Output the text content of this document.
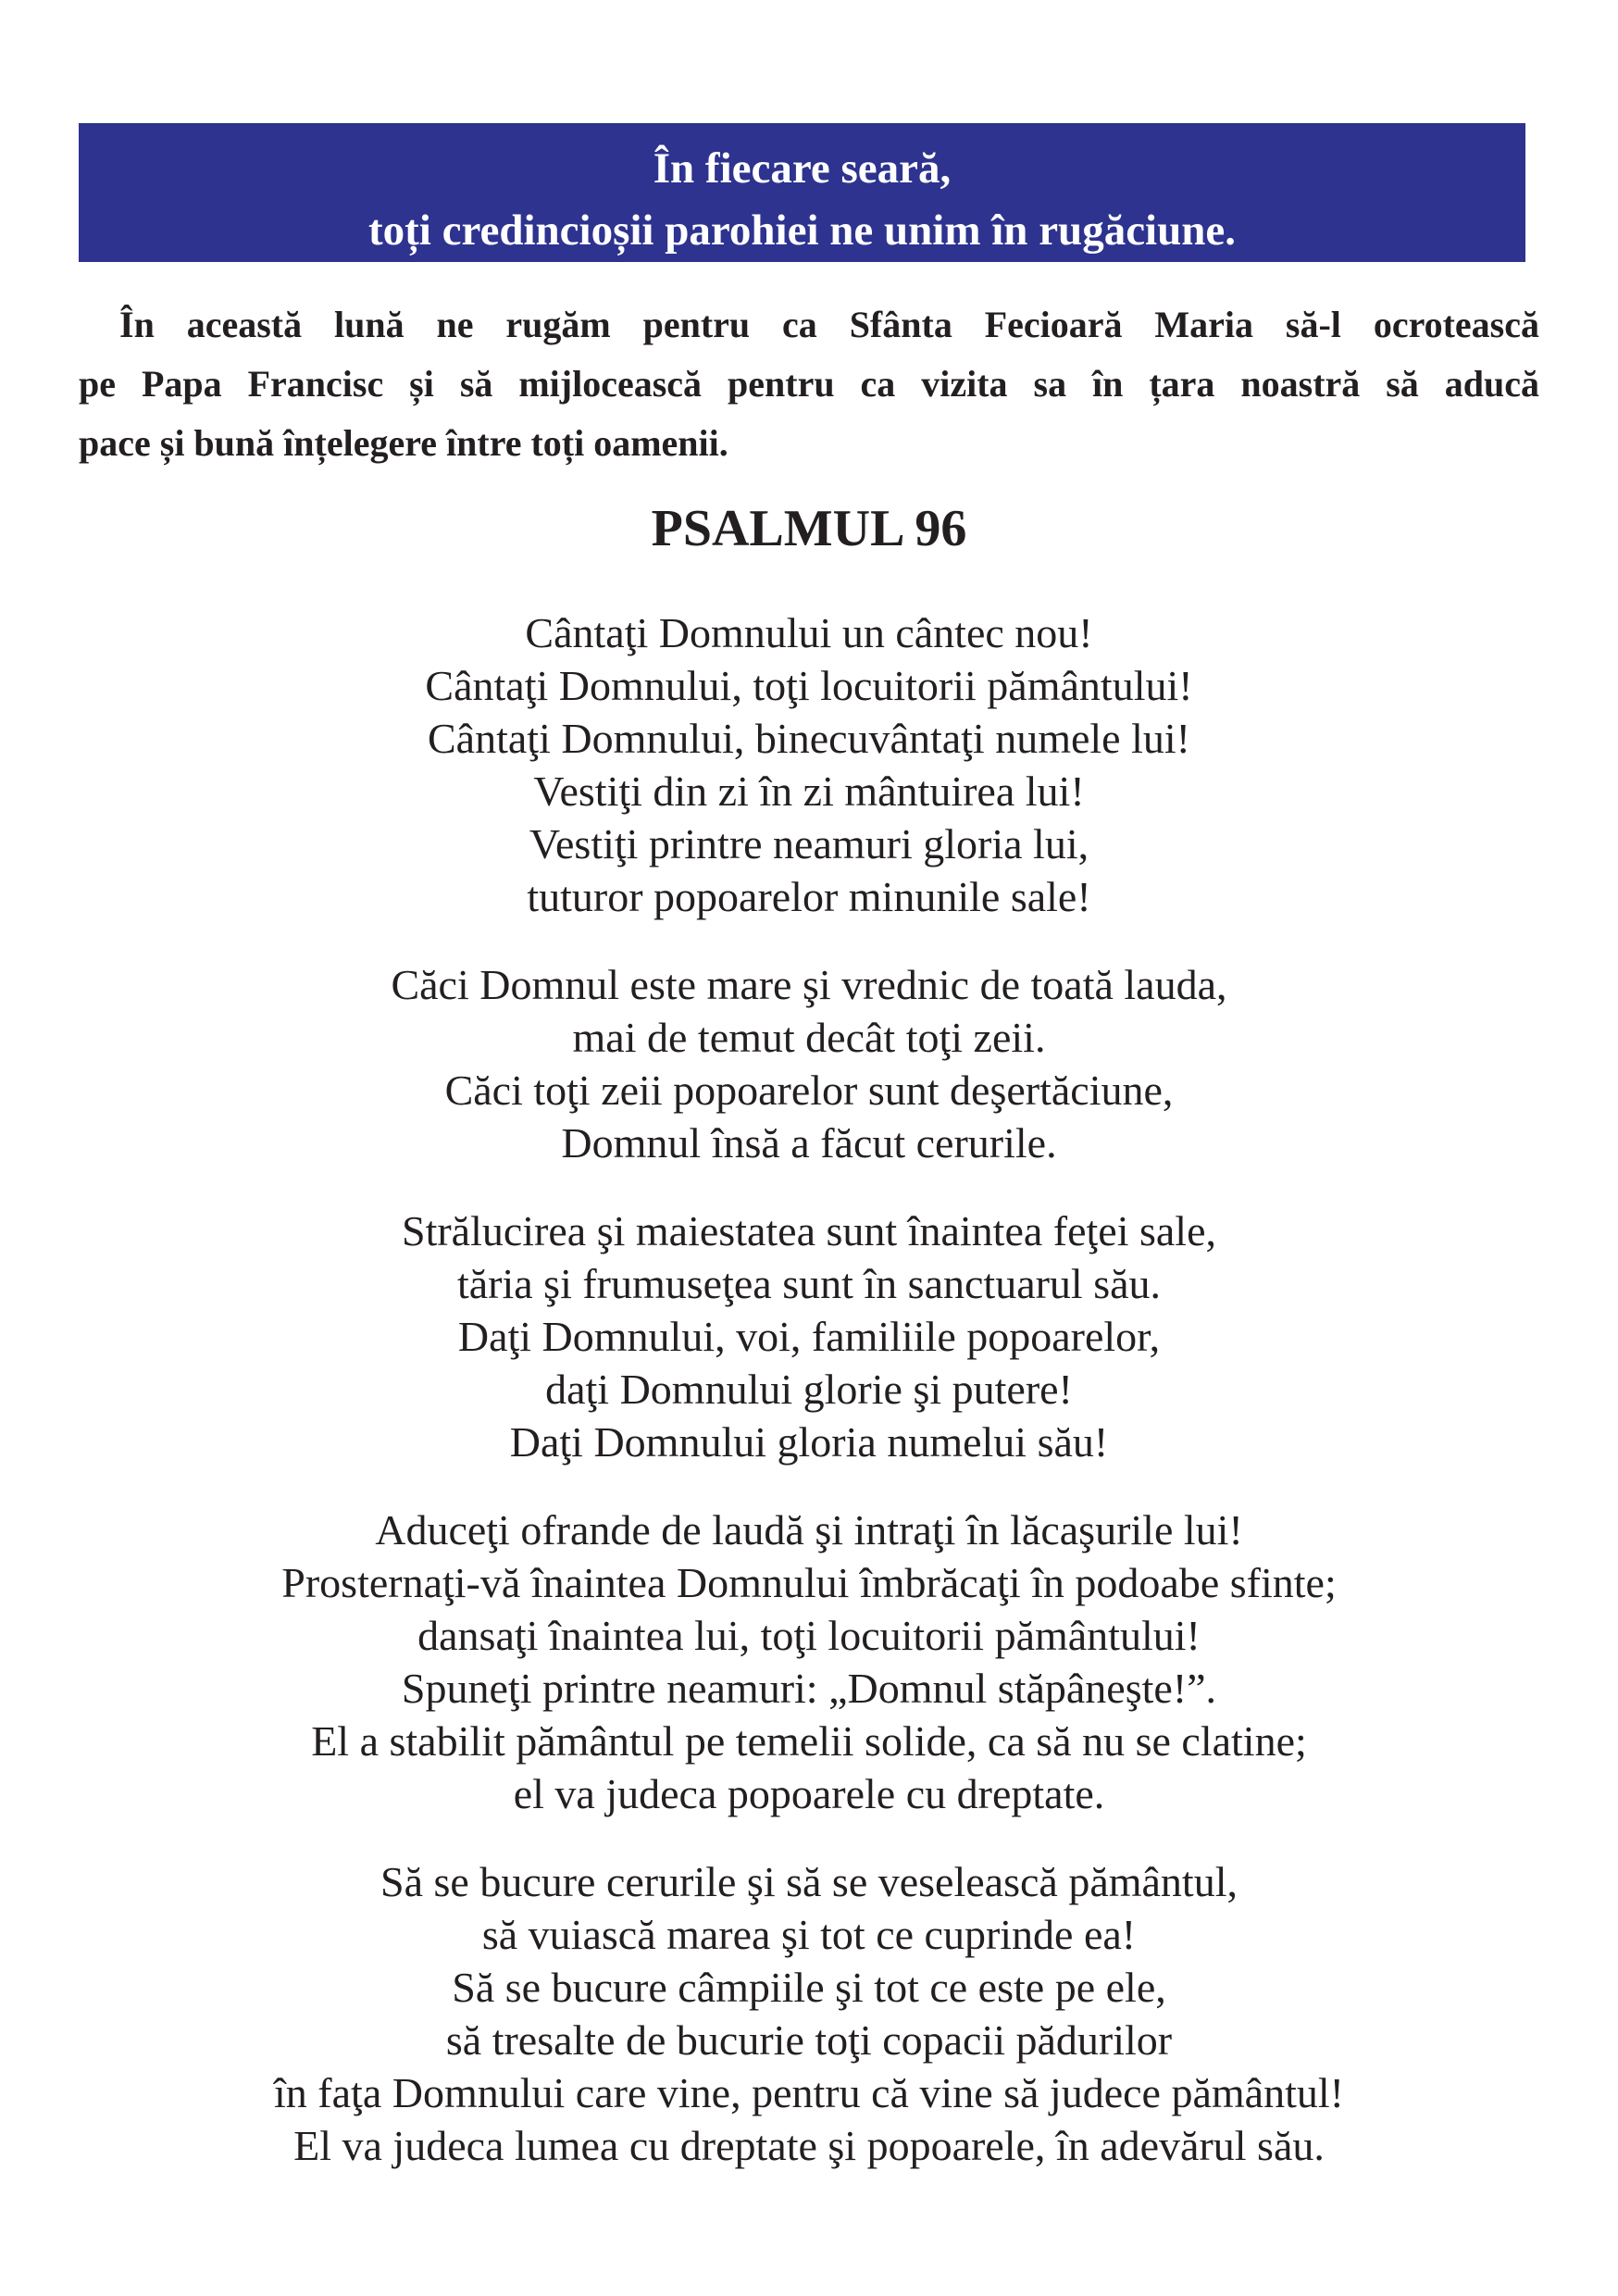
În fiecare seară,
toți credincioșii parohiei ne unim în rugăciune.

În această lună ne rugăm pentru ca Sfânta Fecioară Maria să-l ocrotească
pe Papa Francisc și să mijlocească pentru ca vizita sa în țara noastră să aducă
pace și bună înțelegere între toți oamenii.

PSALMUL 96
Cântaţi Domnului un cântec nou!
Cântaţi Domnului, toţi locuitorii pământului!
Cântaţi Domnului, binecuvântaţi numele lui!
Vestiţi din zi în zi mântuirea lui!
Vestiţi printre neamuri gloria lui,
tuturor popoarelor minunile sale!
Căci Domnul este mare şi vrednic de toată lauda,
mai de temut decât toţi zeii.
Căci toţi zeii popoarelor sunt deşertăciune,
Domnul însă a făcut cerurile.
Strălucirea şi maiestatea sunt înaintea feţei sale,
tăria şi frumuseţea sunt în sanctuarul său.
Daţi Domnului, voi, familiile popoarelor,
daţi Domnului glorie şi putere!
Daţi Domnului gloria numelui său!
Aduceţi ofrande de laudă şi intraţi în lăcaşurile lui!
Prosternaţi-vă înaintea Domnului îmbrăcaţi în podoabe sfinte;
dansaţi înaintea lui, toţi locuitorii pământului!
Spuneţi printre neamuri: „Domnul stăpâneşte!”.
El a stabilit pământul pe temelii solide, ca să nu se clatine;
el va judeca popoarele cu dreptate.
Să se bucure cerurile şi să se veselească pământul,
să vuiască marea şi tot ce cuprinde ea!
Să se bucure câmpiile şi tot ce este pe ele,
să tresalte de bucurie toţi copacii pădurilor
în faţa Domnului care vine, pentru că vine să judece pământul!
El va judeca lumea cu dreptate şi popoarele, în adevărul său.
